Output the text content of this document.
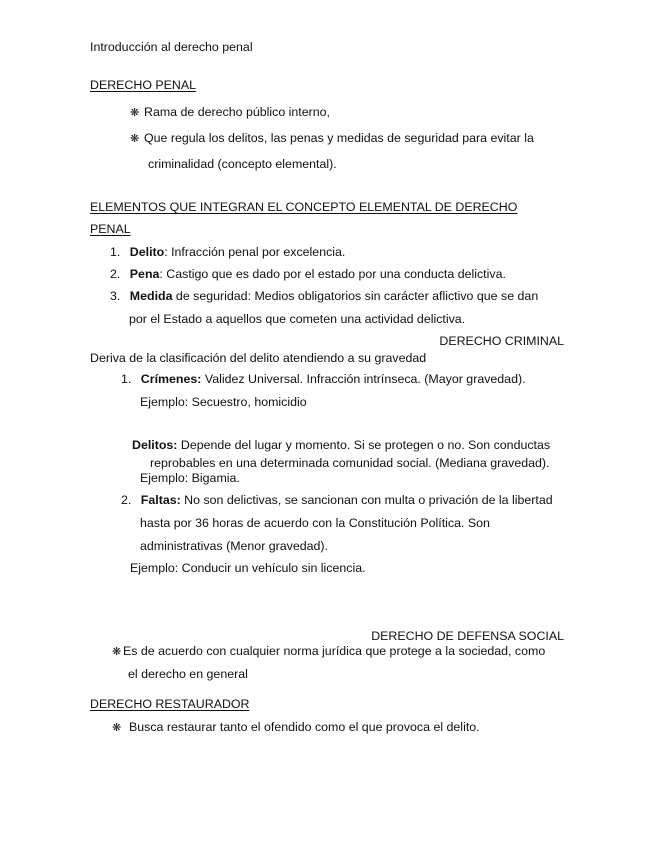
Introducción al derecho penal
DERECHO PENAL
❋ Rama de derecho público interno,
❋ Que regula los delitos, las penas y medidas de seguridad para evitar la
criminalidad (concepto elemental).
ELEMENTOS QUE INTEGRAN EL CONCEPTO ELEMENTAL DE DERECHO
PENAL
1. Delito: Infracción penal por excelencia.
2. Pena: Castigo que es dado por el estado por una conducta delictiva.
3. Medida de seguridad: Medios obligatorios sin carácter aflictivo que se dan
por el Estado a aquellos que cometen una actividad delictiva.
DERECHO CRIMINAL
Deriva de la clasificación del delito atendiendo a su gravedad
1. Crímenes: Validez Universal. Infracción intrínseca. (Mayor gravedad).
Ejemplo: Secuestro, homicidio
Delitos: Depende del lugar y momento. Si se protegen o no. Son conductas
reprobables en una determinada comunidad social. (Mediana gravedad).
Ejemplo: Bigamia.
2. Faltas: No son delictivas, se sancionan con multa o privación de la libertad
hasta por 36 horas de acuerdo con la Constitución Política. Son
administrativas (Menor gravedad).
Ejemplo: Conducir un vehículo sin licencia.
DERECHO DE DEFENSA SOCIAL
❋ Es de acuerdo con cualquier norma jurídica que protege a la sociedad, como
el derecho en general
DERECHO RESTAURADOR
❋ Busca restaurar tanto el ofendido como el que provoca el delito.
